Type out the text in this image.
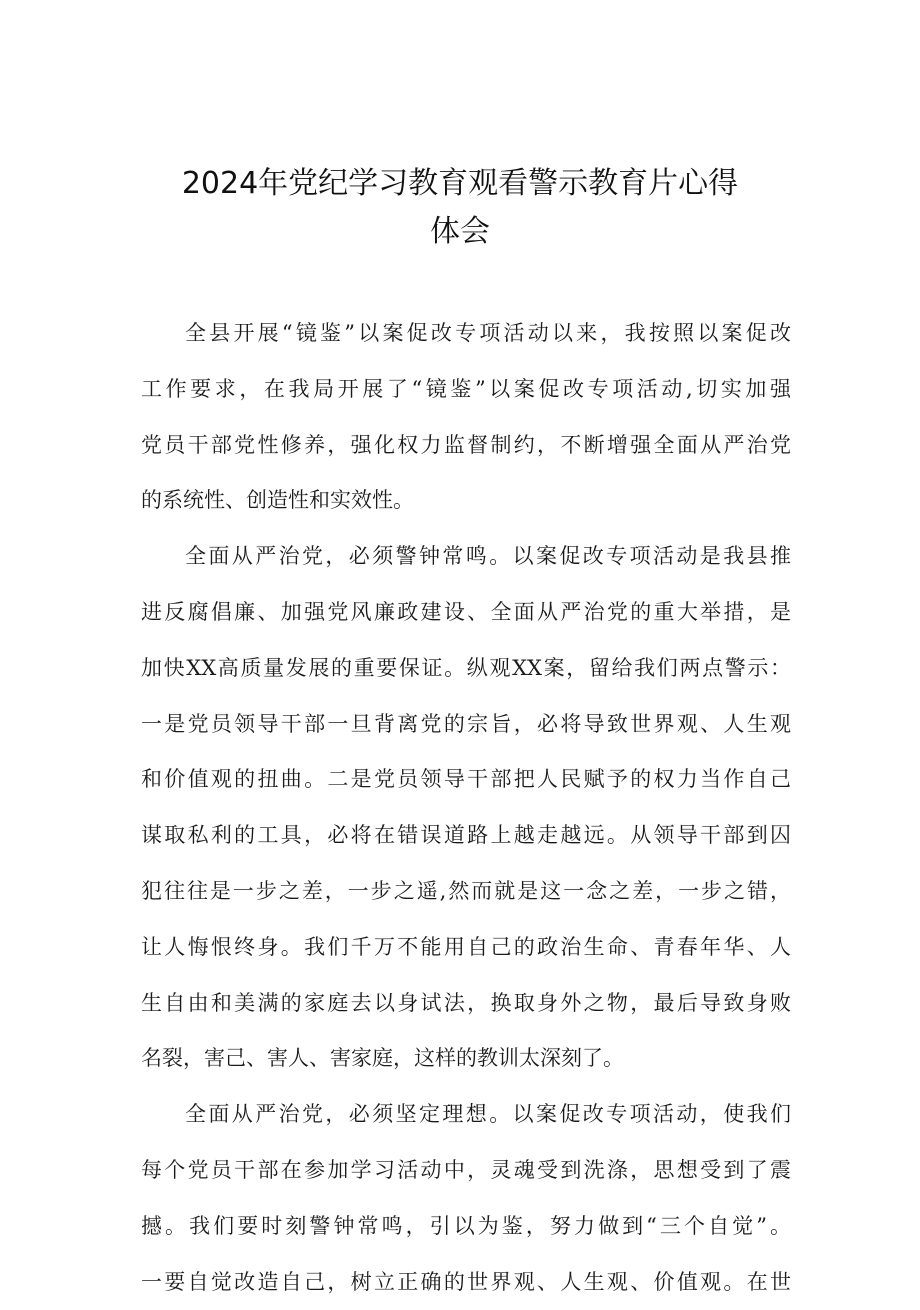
2024年党纪学习教育观看警示教育片心得
体会

全县开展“镜鉴”以案促改专项活动以来，我按照以案促改
工作要求，在我局开展了“镜鉴”以案促改专项活动,切实加强
党员干部党性修养，强化权力监督制约，不断增强全面从严治党
的系统性、创造性和实效性。

全面从严治党，必须警钟常鸣。以案促改专项活动是我县推
进反腐倡廉、加强党风廉政建设、全面从严治党的重大举措，是
加快XX高质量发展的重要保证。纵观XX案，留给我们两点警示：
一是党员领导干部一旦背离党的宗旨，必将导致世界观、人生观
和价值观的扭曲。二是党员领导干部把人民赋予的权力当作自己
谋取私利的工具，必将在错误道路上越走越远。从领导干部到囚
犯往往是一步之差，一步之遥,然而就是这一念之差，一步之错，
让人悔恨终身。我们千万不能用自己的政治生命、青春年华、人
生自由和美满的家庭去以身试法，换取身外之物，最后导致身败
名裂，害己、害人、害家庭，这样的教训太深刻了。

全面从严治党，必须坚定理想。以案促改专项活动，使我们
每个党员干部在参加学习活动中，灵魂受到洗涤，思想受到了震
撼。我们要时刻警钟常鸣，引以为鉴，努力做到“三个自觉”。
一要自觉改造自己，树立正确的世界观、人生观、价值观。在世
